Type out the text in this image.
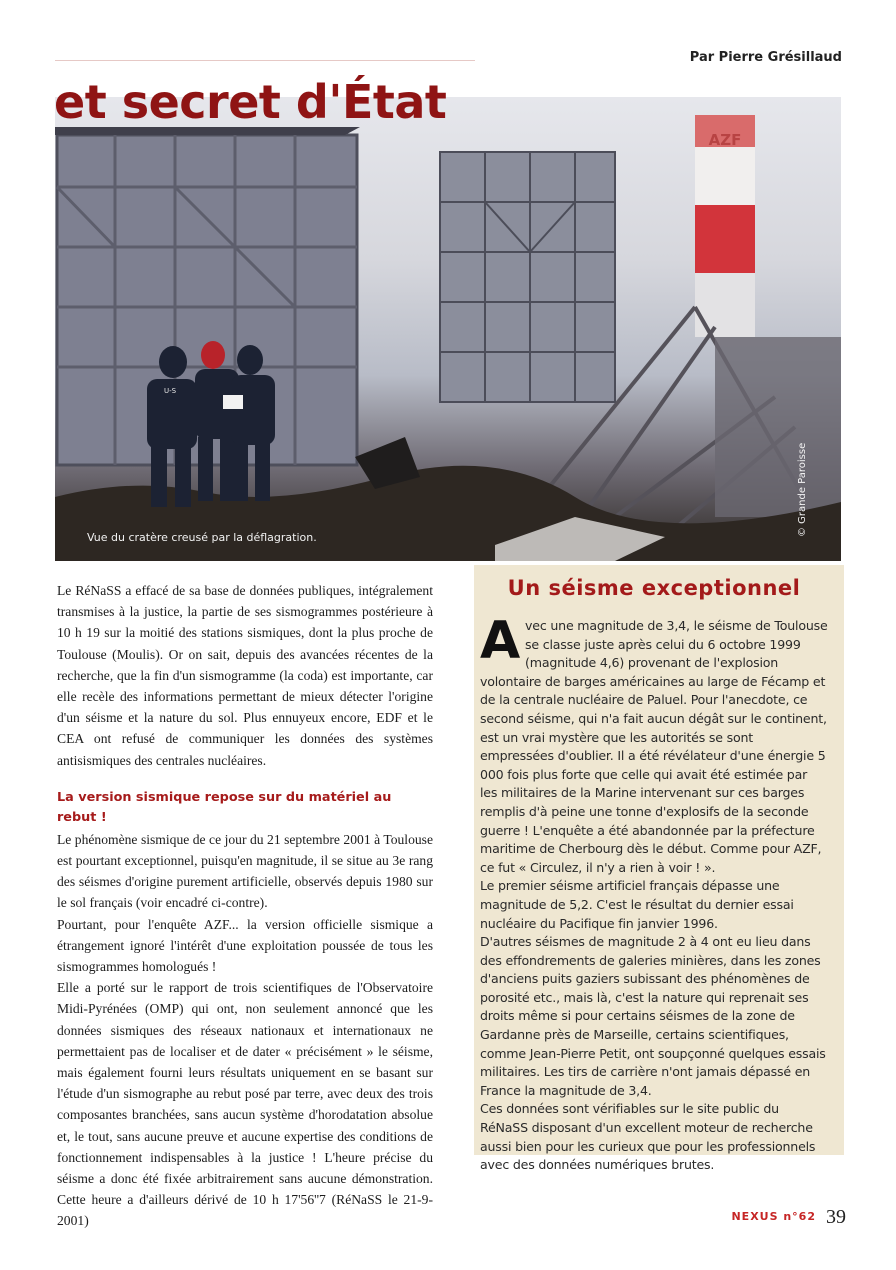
Par Pierre Grésillaud
et secret d'État
AZF
U-S

Vue du cratère creusé par la déflagration.

© Grande Paroisse

Le RéNaSS a effacé de sa base de données publiques, intégralement transmises à la justice, la partie de ses sismogrammes postérieure à 10 h 19 sur la moitié des stations sismiques, dont la plus proche de Toulouse (Moulis). Or on sait, depuis des avancées récentes de la recherche, que la fin d'un sismogramme (la coda) est importante, car elle recèle des informations permettant de mieux détecter l'origine d'un séisme et la nature du sol. Plus ennuyeux encore, EDF et le CEA ont refusé de communiquer les données des systèmes antisismiques des centrales nucléaires.

La version sismique repose sur du matériel au rebut !

Le phénomène sismique de ce jour du 21 septembre 2001 à Toulouse est pourtant exceptionnel, puisqu'en magnitude, il se situe au 3e rang des séismes d'origine purement artificielle, observés depuis 1980 sur le sol français (voir encadré ci-contre).

Pourtant, pour l'enquête AZF... la version officielle sismique a étrangement ignoré l'intérêt d'une exploitation poussée de tous les sismogrammes homologués !

Elle a porté sur le rapport de trois scientifiques de l'Observatoire Midi-Pyrénées (OMP) qui ont, non seulement annoncé que les données sismiques des réseaux nationaux et internationaux ne permettaient pas de localiser et de dater « précisément » le séisme, mais également fourni leurs résultats uniquement en se basant sur l'étude d'un sismographe au rebut posé par terre, avec deux des trois composantes branchées, sans aucun système d'horodatation absolue et, le tout, sans aucune preuve et aucune expertise des conditions de fonctionnement indispensables à la justice ! L'heure précise du séisme a donc été fixée arbitrairement sans aucune démonstration. Cette heure a d'ailleurs dérivé de 10 h 17'56''7 (RéNaSS le 21-9-2001)

Un séisme exceptionnel

Avec une magnitude de 3,4, le séisme de Toulouse se classe juste après celui du 6 octobre 1999 (magnitude 4,6) provenant de l'explosion volontaire de barges américaines au large de Fécamp et de la centrale nucléaire de Paluel. Pour l'anecdote, ce second séisme, qui n'a fait aucun dégât sur le continent, est un vrai mystère que les autorités se sont empressées d'oublier. Il a été révélateur d'une énergie 5 000 fois plus forte que celle qui avait été estimée par les militaires de la Marine intervenant sur ces barges remplis d'à peine une tonne d'explosifs de la seconde guerre ! L'enquête a été abandonnée par la préfecture maritime de Cherbourg dès le début. Comme pour AZF, ce fut « Circulez, il n'y a rien à voir ! ».

Le premier séisme artificiel français dépasse une magnitude de 5,2. C'est le résultat du dernier essai nucléaire du Pacifique fin janvier 1996.

D'autres séismes de magnitude 2 à 4 ont eu lieu dans des effondrements de galeries minières, dans les zones d'anciens puits gaziers subissant des phénomènes de porosité etc., mais là, c'est la nature qui reprenait ses droits même si pour certains séismes de la zone de Gardanne près de Marseille, certains scientifiques, comme Jean-Pierre Petit, ont soupçonné quelques essais militaires. Les tirs de carrière n'ont jamais dépassé en France la magnitude de 3,4.

Ces données sont vérifiables sur le site public du RéNaSS disposant d'un excellent moteur de recherche aussi bien pour les curieux que pour les professionnels avec des données numériques brutes.

NEXUS n°62 39
